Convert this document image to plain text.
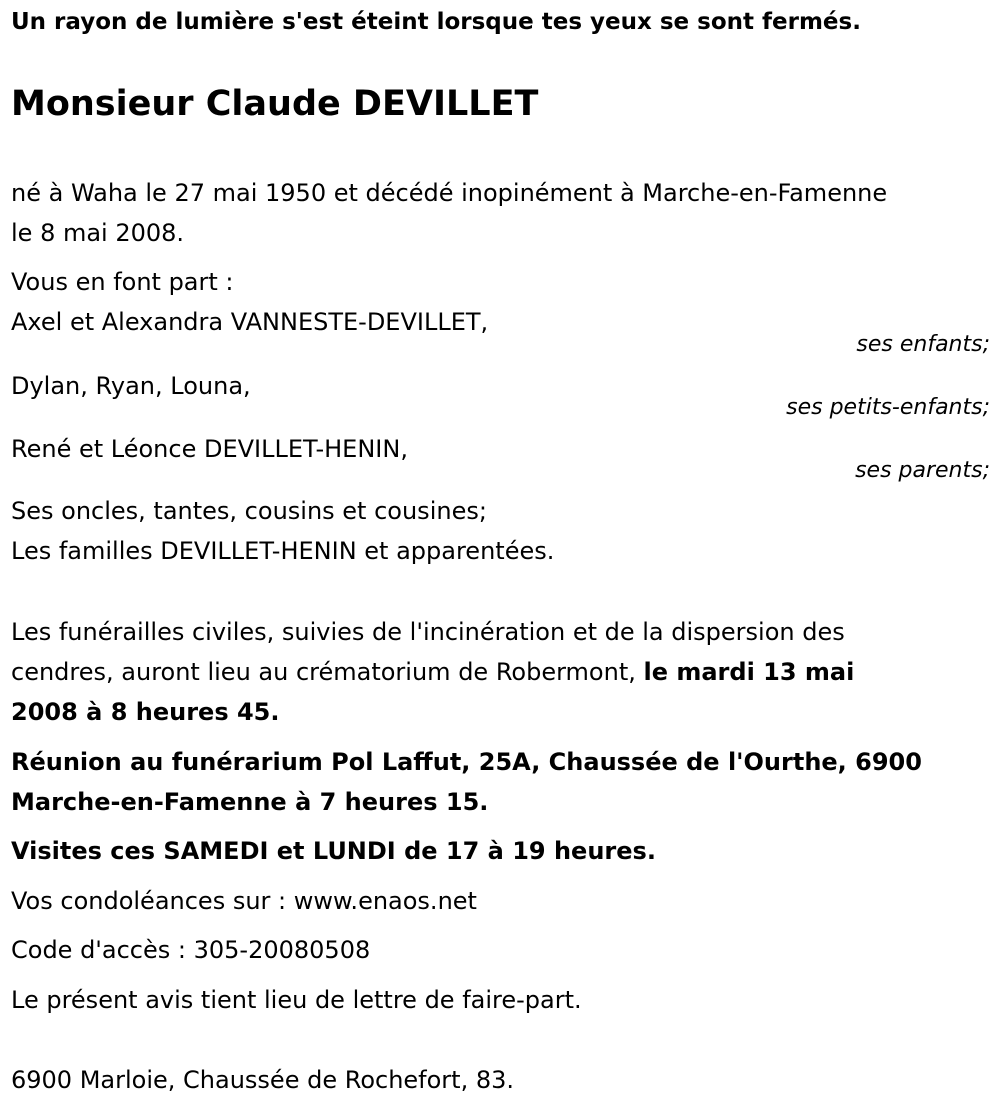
Un rayon de lumière s'est éteint lorsque tes yeux se sont fermés.

Monsieur Claude DEVILLET

né à Waha le 27 mai 1950 et décédé inopinément à Marche-en-Famenne

le 8 mai 2008.

Vous en font part :

Axel et Alexandra VANNESTE-DEVILLET,

ses enfants;

Dylan, Ryan, Louna,

ses petits-enfants;

René et Léonce DEVILLET-HENIN,

ses parents;

Ses oncles, tantes, cousins et cousines;

Les familles DEVILLET-HENIN et apparentées.

Les funérailles civiles, suivies de l'incinération et de la dispersion des

cendres, auront lieu au crématorium de Robermont, le mardi 13 mai

2008 à 8 heures 45.

Réunion au funérarium Pol Laffut, 25A, Chaussée de l'Ourthe, 6900

Marche-en-Famenne à 7 heures 15.

Visites ces SAMEDI et LUNDI de 17 à 19 heures.

Vos condoléances sur : www.enaos.net

Code d'accès : 305-20080508

Le présent avis tient lieu de lettre de faire-part.

6900 Marloie, Chaussée de Rochefort, 83.
